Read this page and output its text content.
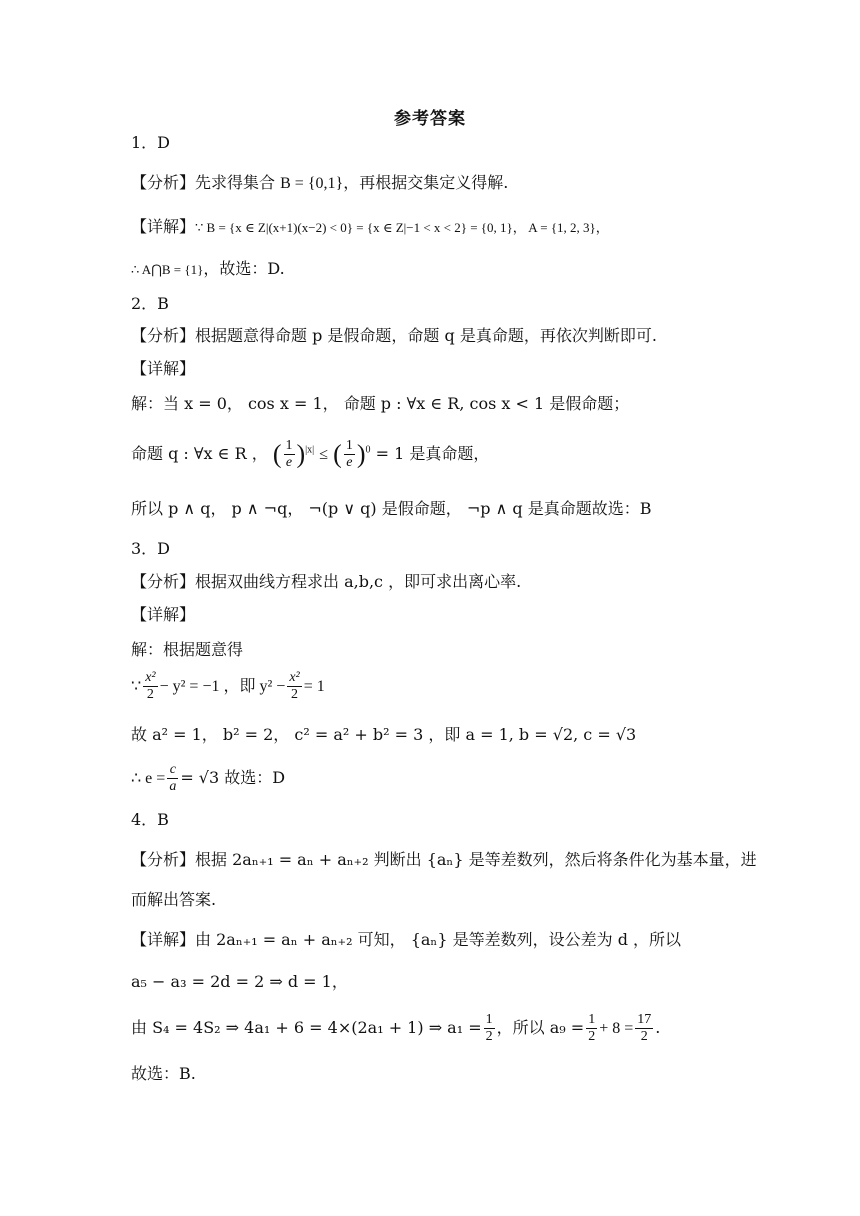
参考答案
1．D
【分析】先求得集合 B = {0,1}，再根据交集定义得解.
【详解】∵ B = {x ∈ Z|(x+1)(x−2) < 0} = {x ∈ Z|−1 < x < 2} = {0, 1}， A = {1, 2, 3}，
∴ A⋂B = {1}，故选：D.
2．B
【分析】根据题意得命题 p 是假命题，命题 q 是真命题，再依次判断即可.
【详解】
解：当 x = 0， cos x = 1， 命题 p : ∀x ∈ R, cos x < 1 是假命题；
命题 q : ∀x ∈ R ， ( $\frac{1}{e} )^{|x|}$ ≤ ( $\frac{1}{e} )^0 = 1$ 是真命题，
所以 p ∧ q， p ∧ ¬q， ¬(p ∨ q) 是假命题， ¬p ∧ q 是真命题故选：B
3．D
【分析】根据双曲线方程求出 a,b,c ，即可求出离心率.
【详解】
解：根据题意得
∵ $\frac{\text{x²}}{2} - y^2 = -1$ ，即 $y^2 - \frac{\text{x²}}{2} = 1$
故 a² = 1， b² = 2， c² = a² + b² = 3 ，即 a = 1, b = √2, c = √3
∴ $e = \frac{c}{a} = √3$ 故选：D
4．B
【分析】根据 2aₙ₊₁ = aₙ + aₙ₊₂ 判断出 {aₙ} 是等差数列，然后将条件化为基本量，进
而解出答案.
【详解】由 2aₙ₊₁ = aₙ + aₙ₊₂ 可知， {aₙ} 是等差数列，设公差为 d ，所以
a₅ − a₃ = 2d = 2 ⇒ d = 1，
由 S₄ = 4S₂ ⇒ 4a₁ + 6 = 4×(2a₁ + 1) ⇒ $a_1 = \frac{1}{2}$ ，所以 $a_9 = \frac{1}{2} + 8 = \frac{17}{2}$ .
故选：B.
